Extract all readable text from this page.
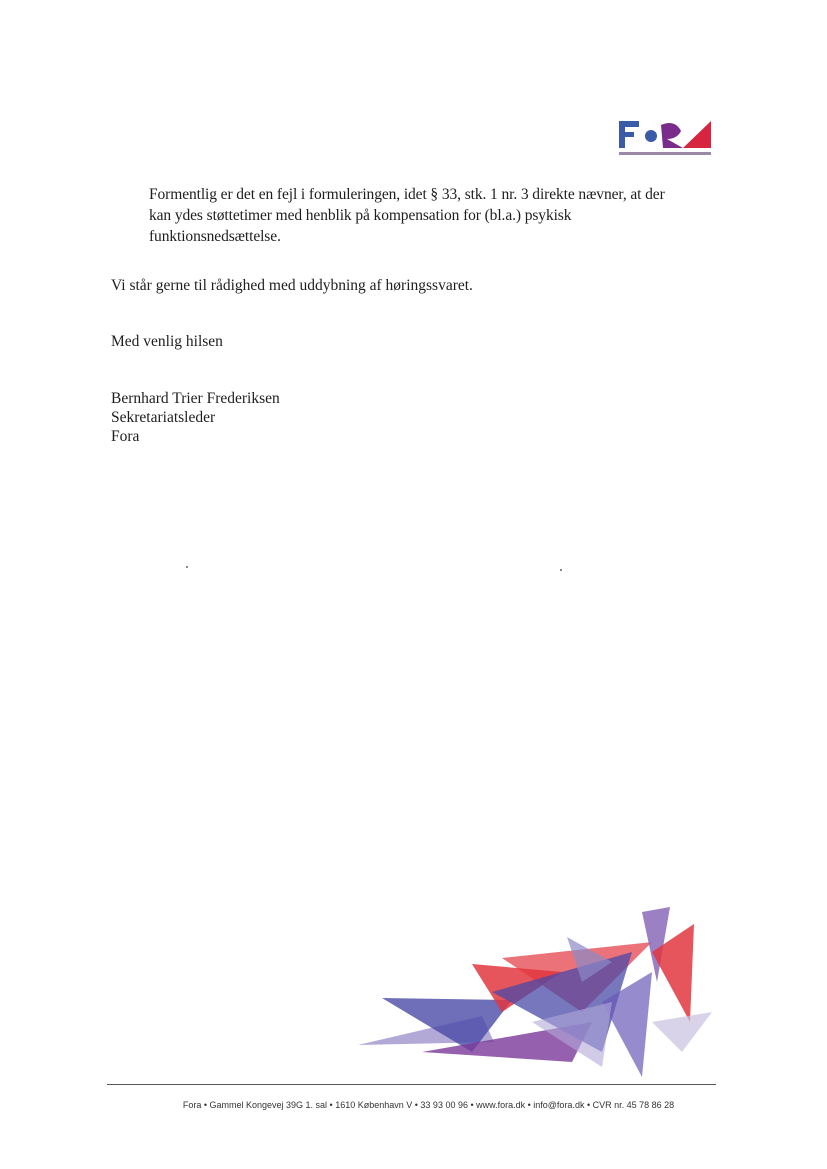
Formentlig er det en fejl i formuleringen, idet § 33, stk. 1 nr. 3 direkte nævner, at der
kan ydes støttetimer med henblik på kompensation for (bl.a.) psykisk
funktionsnedsættelse.

Vi står gerne til rådighed med uddybning af høringssvaret.

Med venlig hilsen

Bernhard Trier Frederiksen
Sekretariatsleder
Fora
Fora • Gammel Kongevej 39G 1. sal • 1610 København V • 33 93 00 96 • www.fora.dk • info@fora.dk • CVR nr. 45 78 86 28
